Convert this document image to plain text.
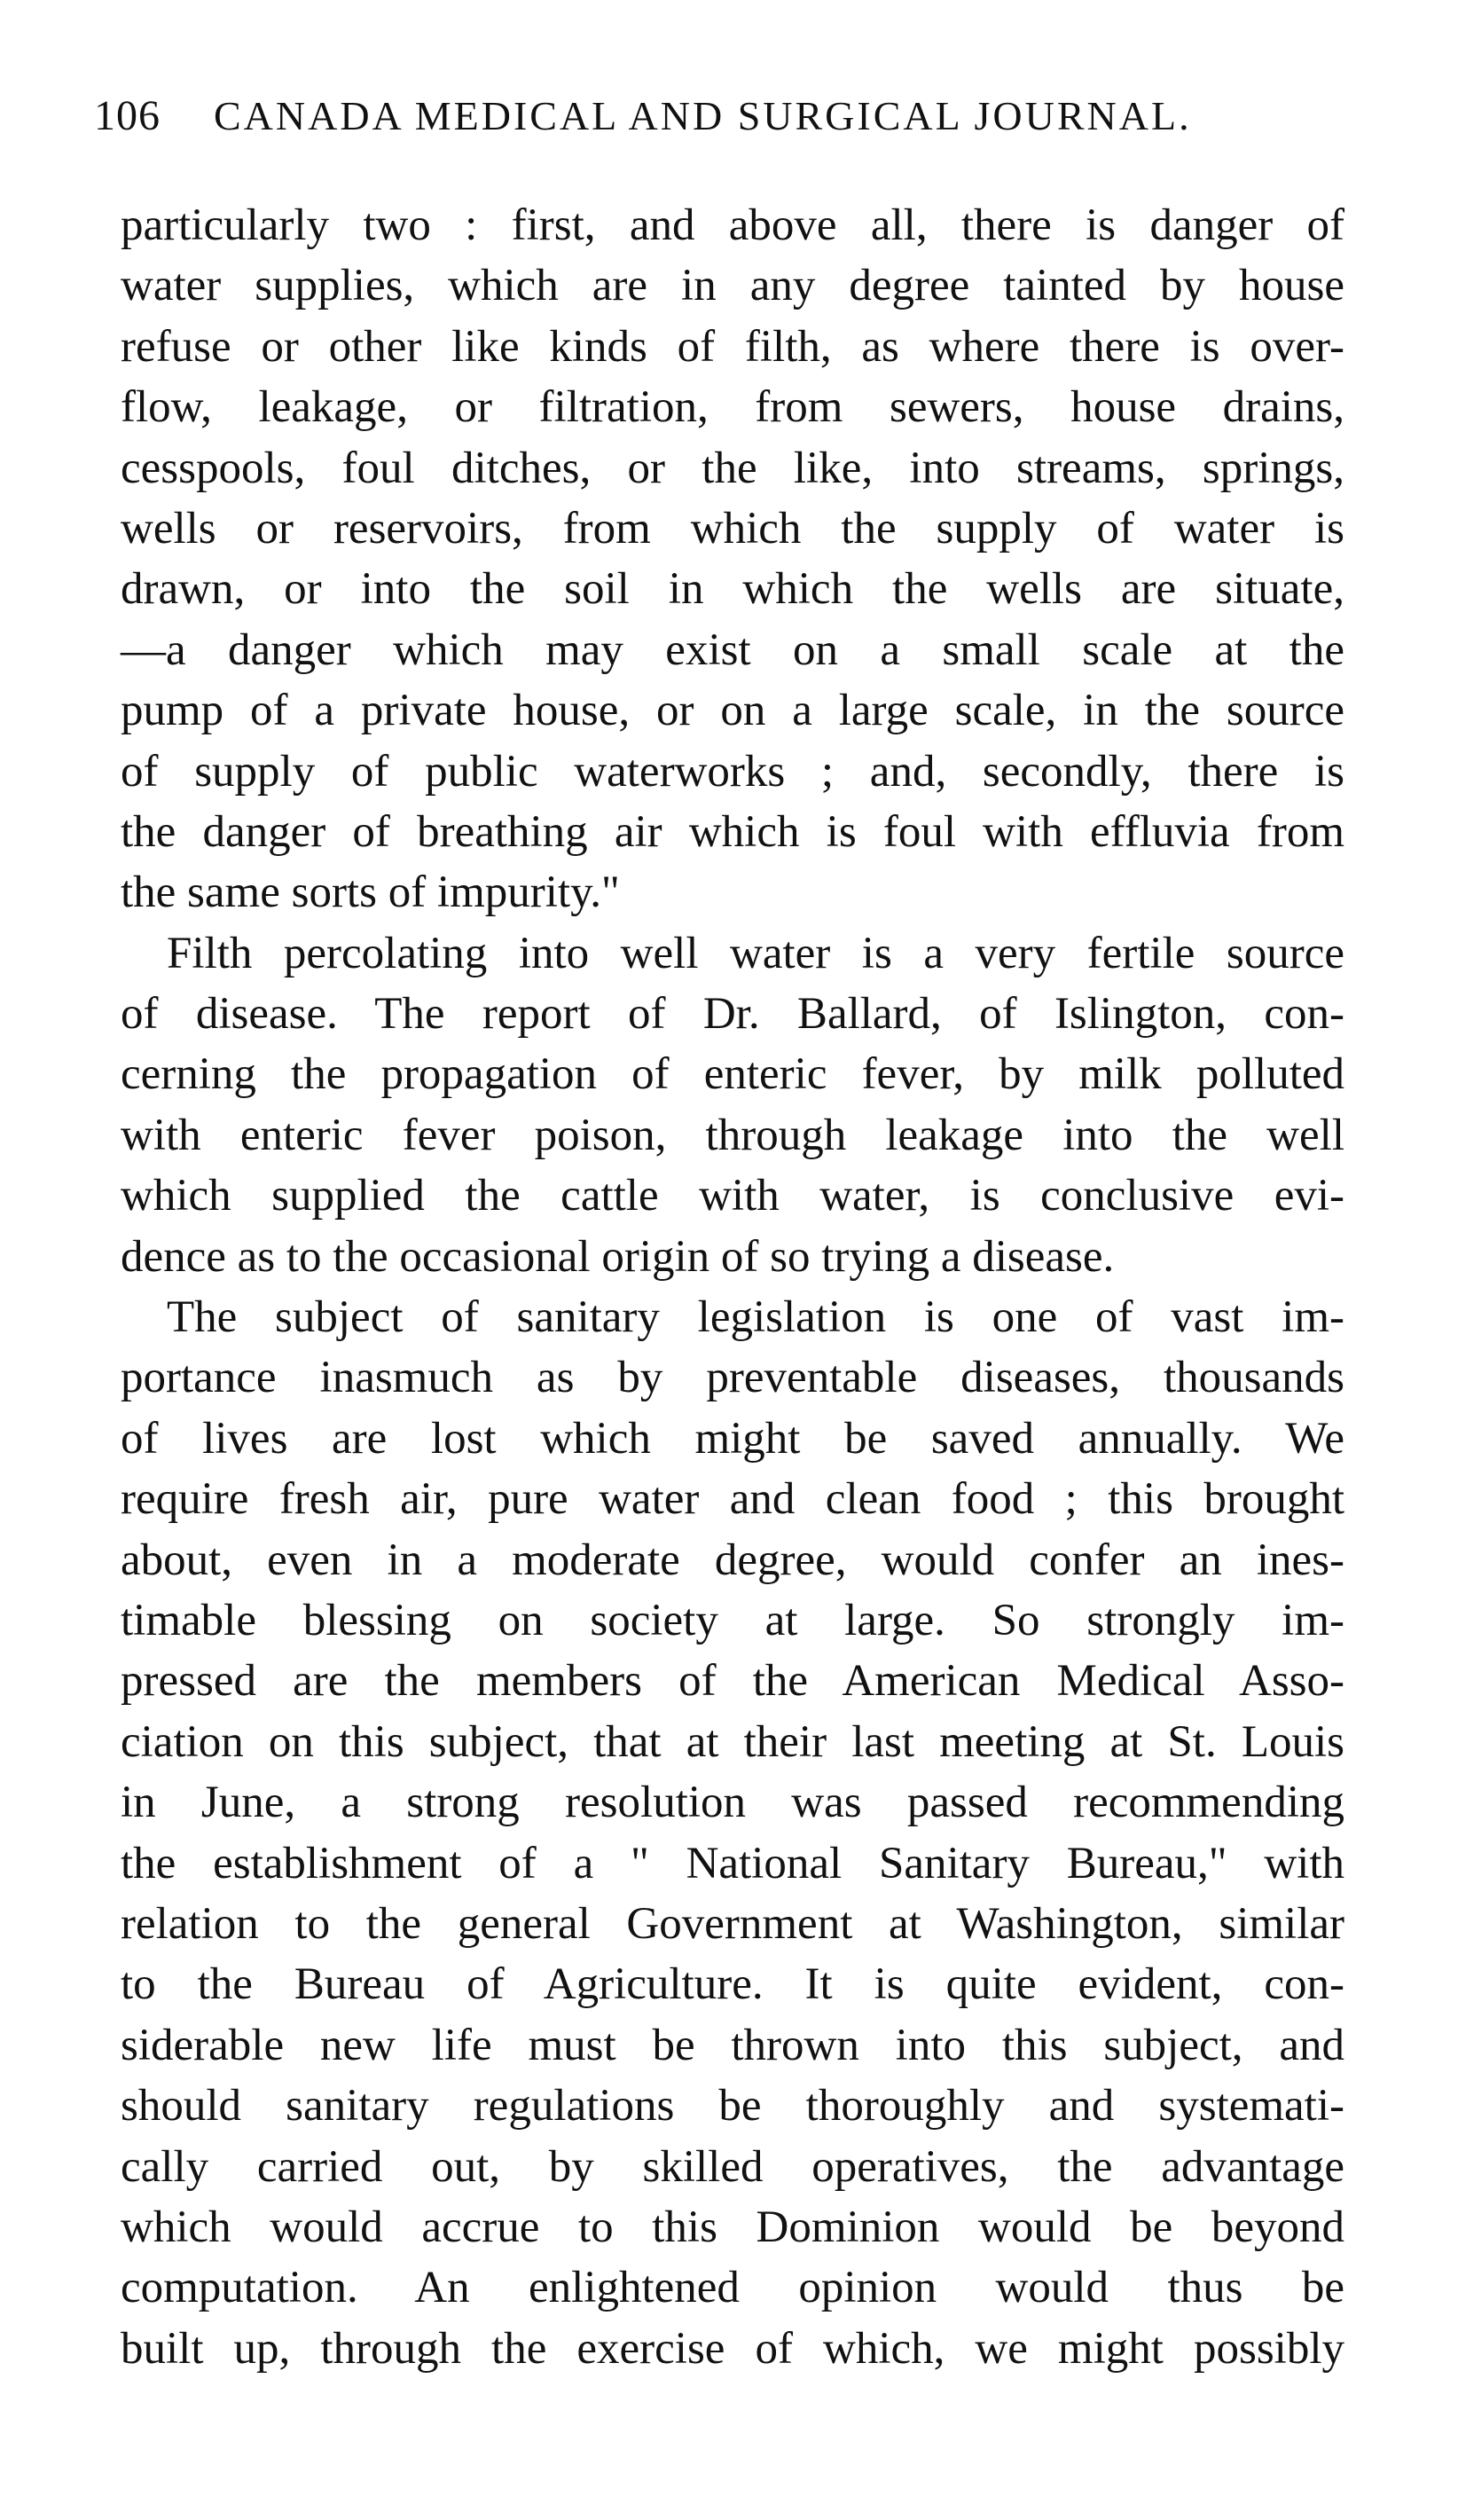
106 CANADA MEDICAL AND SURGICAL JOURNAL.
particularly two : first, and above all, there is danger of
water supplies, which are in any degree tainted by house
refuse or other like kinds of filth, as where there is over-
flow, leakage, or filtration, from sewers, house drains,
cesspools, foul ditches, or the like, into streams, springs,
wells or reservoirs, from which the supply of water is
drawn, or into the soil in which the wells are situate,
—a danger which may exist on a small scale at the
pump of a private house, or on a large scale, in the source
of supply of public waterworks ; and, secondly, there is
the danger of breathing air which is foul with effluvia from
the same sorts of impurity."
Filth percolating into well water is a very fertile source
of disease. The report of Dr. Ballard, of Islington, con-
cerning the propagation of enteric fever, by milk polluted
with enteric fever poison, through leakage into the well
which supplied the cattle with water, is conclusive evi-
dence as to the occasional origin of so trying a disease.
The subject of sanitary legislation is one of vast im-
portance inasmuch as by preventable diseases, thousands
of lives are lost which might be saved annually. We
require fresh air, pure water and clean food ; this brought
about, even in a moderate degree, would confer an ines-
timable blessing on society at large. So strongly im-
pressed are the members of the American Medical Asso-
ciation on this subject, that at their last meeting at St. Louis
in June, a strong resolution was passed recommending
the establishment of a " National Sanitary Bureau," with
relation to the general Government at Washington, similar
to the Bureau of Agriculture. It is quite evident, con-
siderable new life must be thrown into this subject, and
should sanitary regulations be thoroughly and systemati-
cally carried out, by skilled operatives, the advantage
which would accrue to this Dominion would be beyond
computation. An enlightened opinion would thus be
built up, through the exercise of which, we might possibly
